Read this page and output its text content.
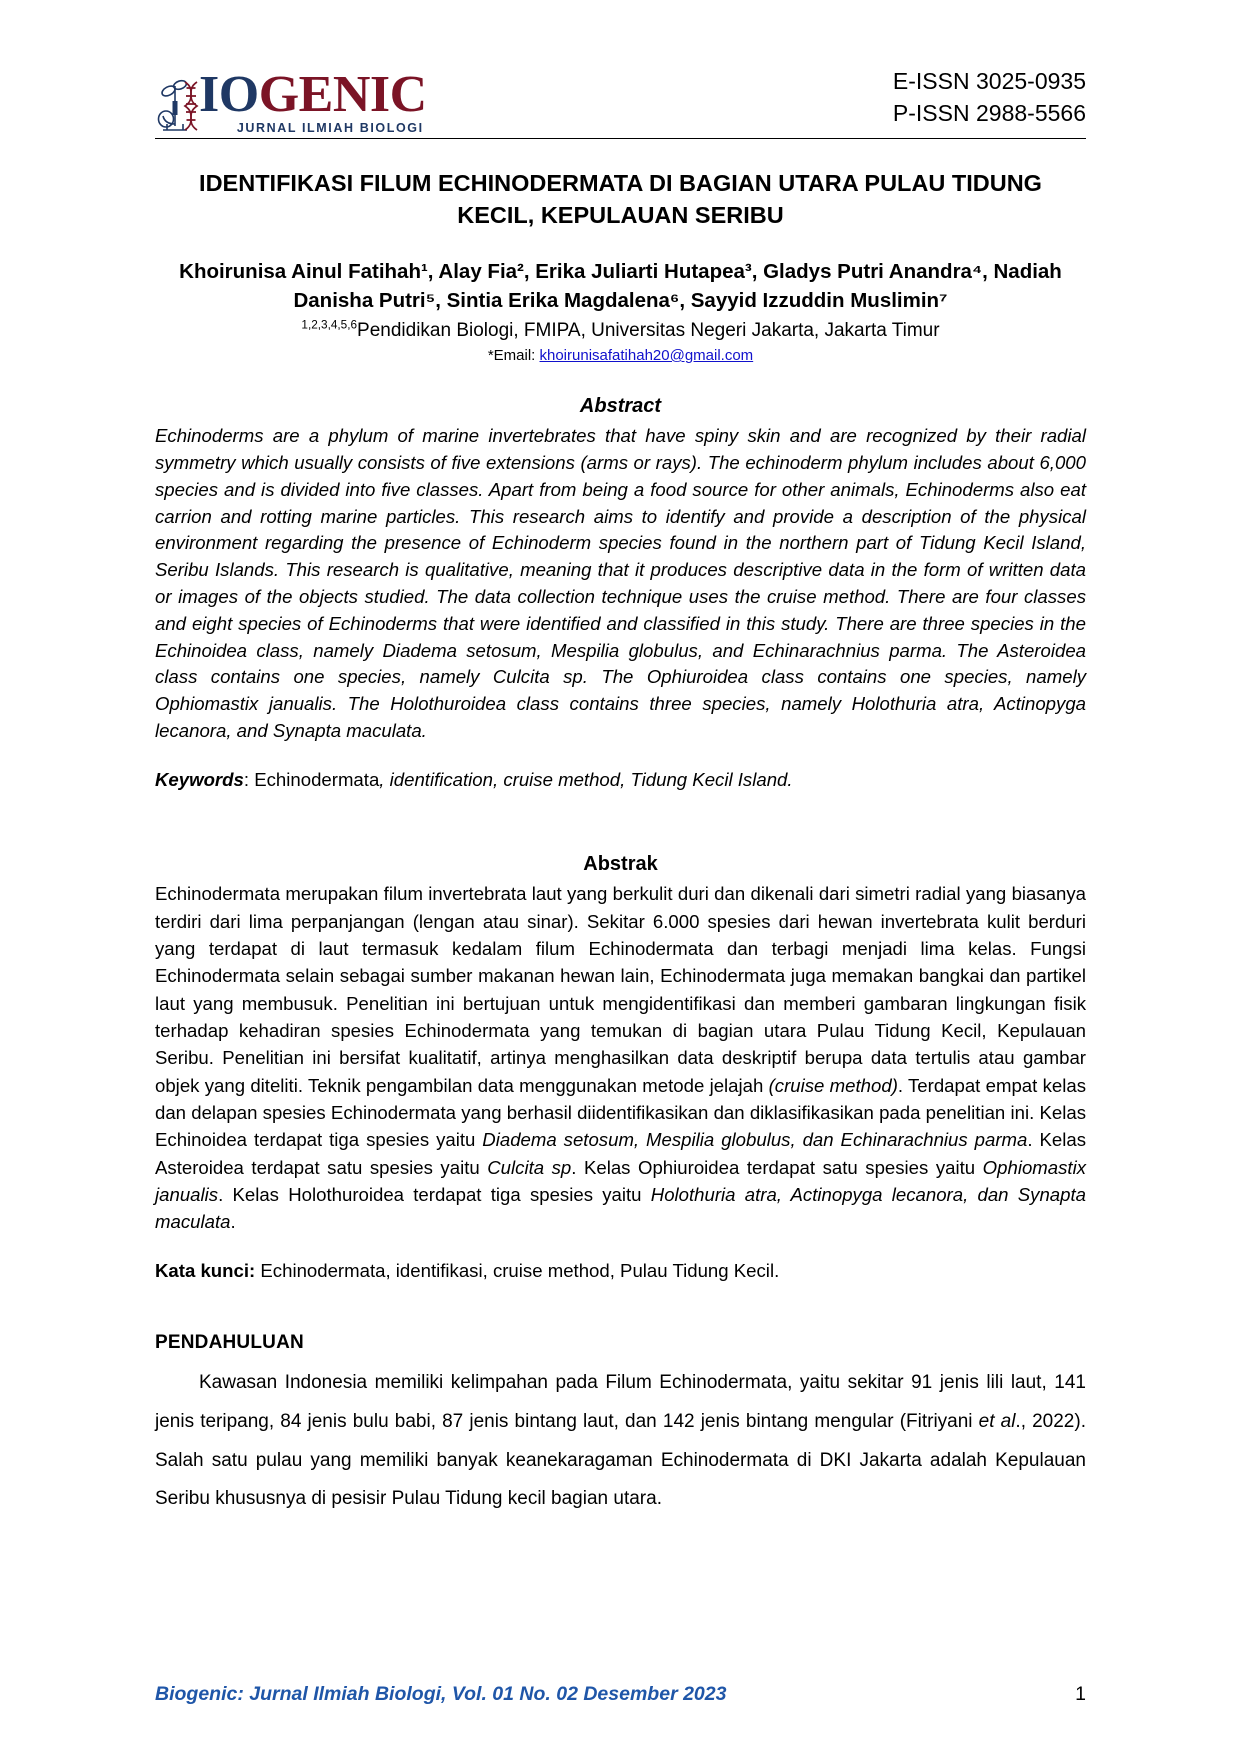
IOGENIC
JURNAL ILMIAH BIOLOGI
E-ISSN 3025-0935
P-ISSN 2988-5566
IDENTIFIKASI FILUM ECHINODERMATA DI BAGIAN UTARA PULAU TIDUNG KECIL, KEPULAUAN SERIBU
Khoirunisa Ainul Fatihah¹, Alay Fia², Erika Juliarti Hutapea³, Gladys Putri Anandra⁴, Nadiah Danisha Putri⁵, Sintia Erika Magdalena⁶, Sayyid Izzuddin Muslimin⁷
$^{1,2,3,4,5,6}$Pendidikan Biologi, FMIPA, Universitas Negeri Jakarta, Jakarta Timur
*Email: khoirunisafatihah20@gmail.com
Abstract
Echinoderms are a phylum of marine invertebrates that have spiny skin and are recognized by their radial symmetry which usually consists of five extensions (arms or rays). The echinoderm phylum includes about 6,000 species and is divided into five classes. Apart from being a food source for other animals, Echinoderms also eat carrion and rotting marine particles. This research aims to identify and provide a description of the physical environment regarding the presence of Echinoderm species found in the northern part of Tidung Kecil Island, Seribu Islands. This research is qualitative, meaning that it produces descriptive data in the form of written data or images of the objects studied. The data collection technique uses the cruise method. There are four classes and eight species of Echinoderms that were identified and classified in this study. There are three species in the Echinoidea class, namely Diadema setosum, Mespilia globulus, and Echinarachnius parma. The Asteroidea class contains one species, namely Culcita sp. The Ophiuroidea class contains one species, namely Ophiomastix janualis. The Holothuroidea class contains three species, namely Holothuria atra, Actinopyga lecanora, and Synapta maculata.
Keywords: Echinodermata, identification, cruise method, Tidung Kecil Island.
Abstrak
Echinodermata merupakan filum invertebrata laut yang berkulit duri dan dikenali dari simetri radial yang biasanya terdiri dari lima perpanjangan (lengan atau sinar). Sekitar 6.000 spesies dari hewan invertebrata kulit berduri yang terdapat di laut termasuk kedalam filum Echinodermata dan terbagi menjadi lima kelas. Fungsi Echinodermata selain sebagai sumber makanan hewan lain, Echinodermata juga memakan bangkai dan partikel laut yang membusuk. Penelitian ini bertujuan untuk mengidentifikasi dan memberi gambaran lingkungan fisik terhadap kehadiran spesies Echinodermata yang temukan di bagian utara Pulau Tidung Kecil, Kepulauan Seribu. Penelitian ini bersifat kualitatif, artinya menghasilkan data deskriptif berupa data tertulis atau gambar objek yang diteliti. Teknik pengambilan data menggunakan metode jelajah (cruise method). Terdapat empat kelas dan delapan spesies Echinodermata yang berhasil diidentifikasikan dan diklasifikasikan pada penelitian ini. Kelas Echinoidea terdapat tiga spesies yaitu Diadema setosum, Mespilia globulus, dan Echinarachnius parma. Kelas Asteroidea terdapat satu spesies yaitu Culcita sp. Kelas Ophiuroidea terdapat satu spesies yaitu Ophiomastix janualis. Kelas Holothuroidea terdapat tiga spesies yaitu Holothuria atra, Actinopyga lecanora, dan Synapta maculata.
Kata kunci: Echinodermata, identifikasi, cruise method, Pulau Tidung Kecil.
PENDAHULUAN
Kawasan Indonesia memiliki kelimpahan pada Filum Echinodermata, yaitu sekitar 91 jenis lili laut, 141 jenis teripang, 84 jenis bulu babi, 87 jenis bintang laut, dan 142 jenis bintang mengular (Fitriyani et al., 2022). Salah satu pulau yang memiliki banyak keanekaragaman Echinodermata di DKI Jakarta adalah Kepulauan Seribu khususnya di pesisir Pulau Tidung kecil bagian utara.
Biogenic: Jurnal Ilmiah Biologi, Vol. 01 No. 02 Desember 2023	1
